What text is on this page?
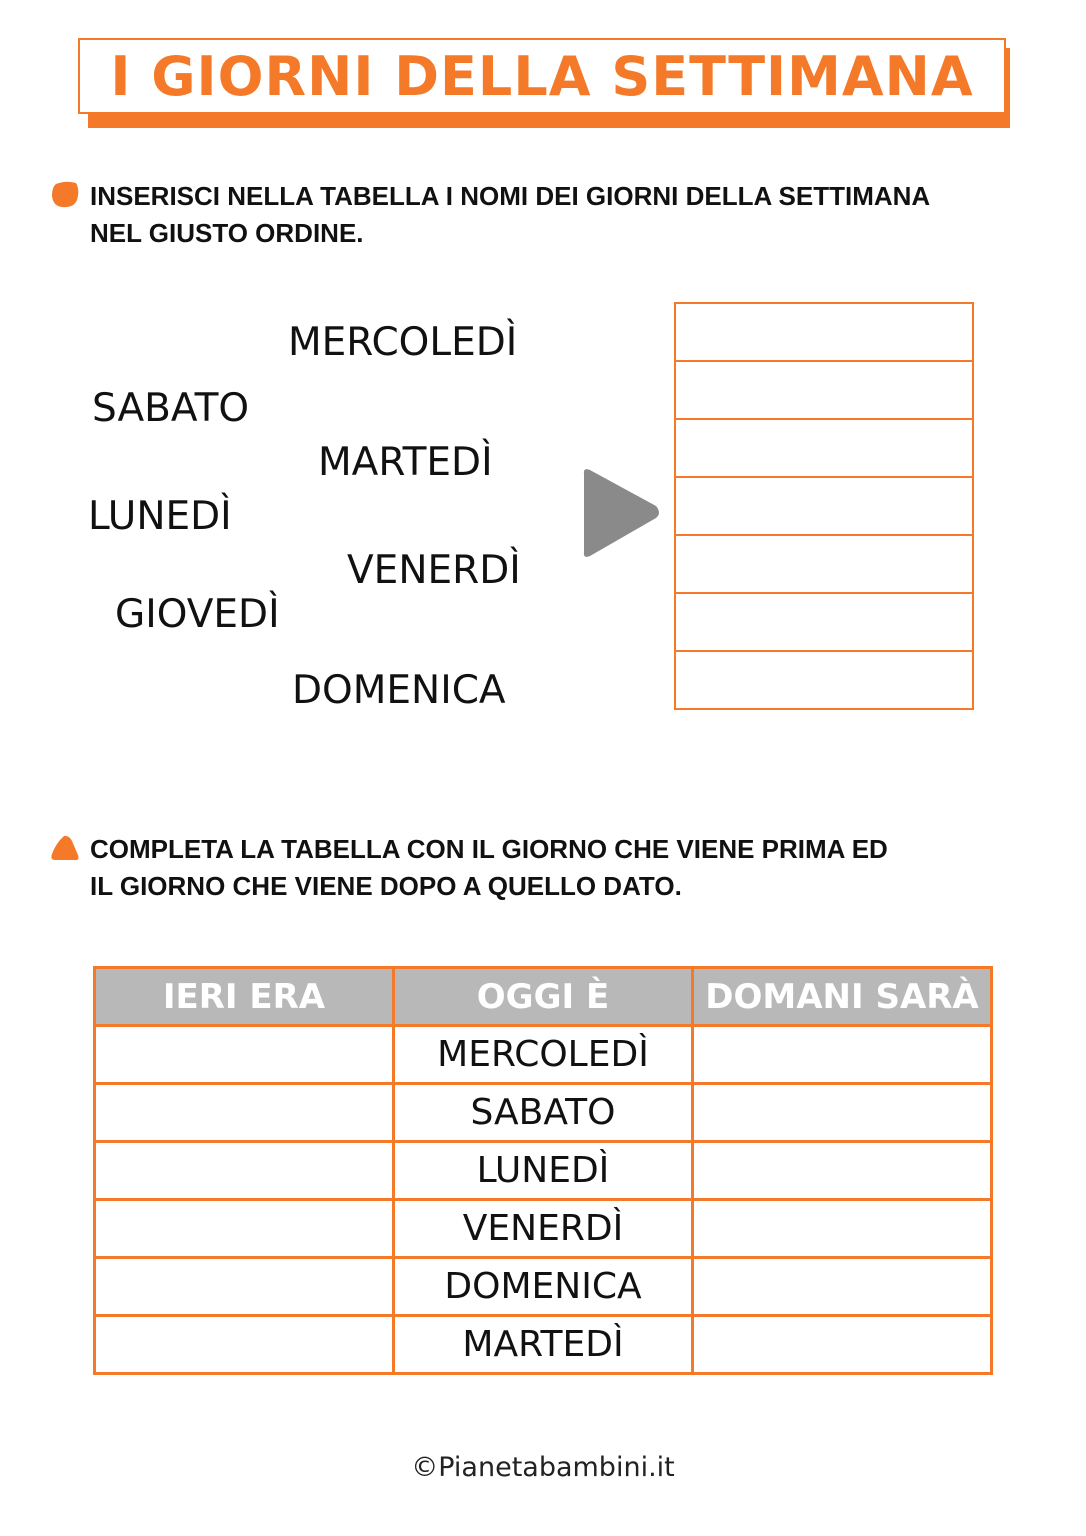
I GIORNI DELLA SETTIMANA
INSERISCI NELLA TABELLA I NOMI DEI GIORNI DELLA SETTIMANA
NEL GIUSTO ORDINE.
MERCOLEDÌ
SABATO
MARTEDÌ
LUNEDÌ
VENERDÌ
GIOVEDÌ
DOMENICA

COMPLETA LA TABELLA CON IL GIORNO CHE VIENE PRIMA ED
IL GIORNO CHE VIENE DOPO A QUELLO DATO.
IERI ERA	OGGI È	DOMANI SARÀ
	MERCOLEDÌ	
	SABATO	
	LUNEDÌ	
	VENERDÌ	
	DOMENICA	
	MARTEDÌ	
©Pianetabambini.it
